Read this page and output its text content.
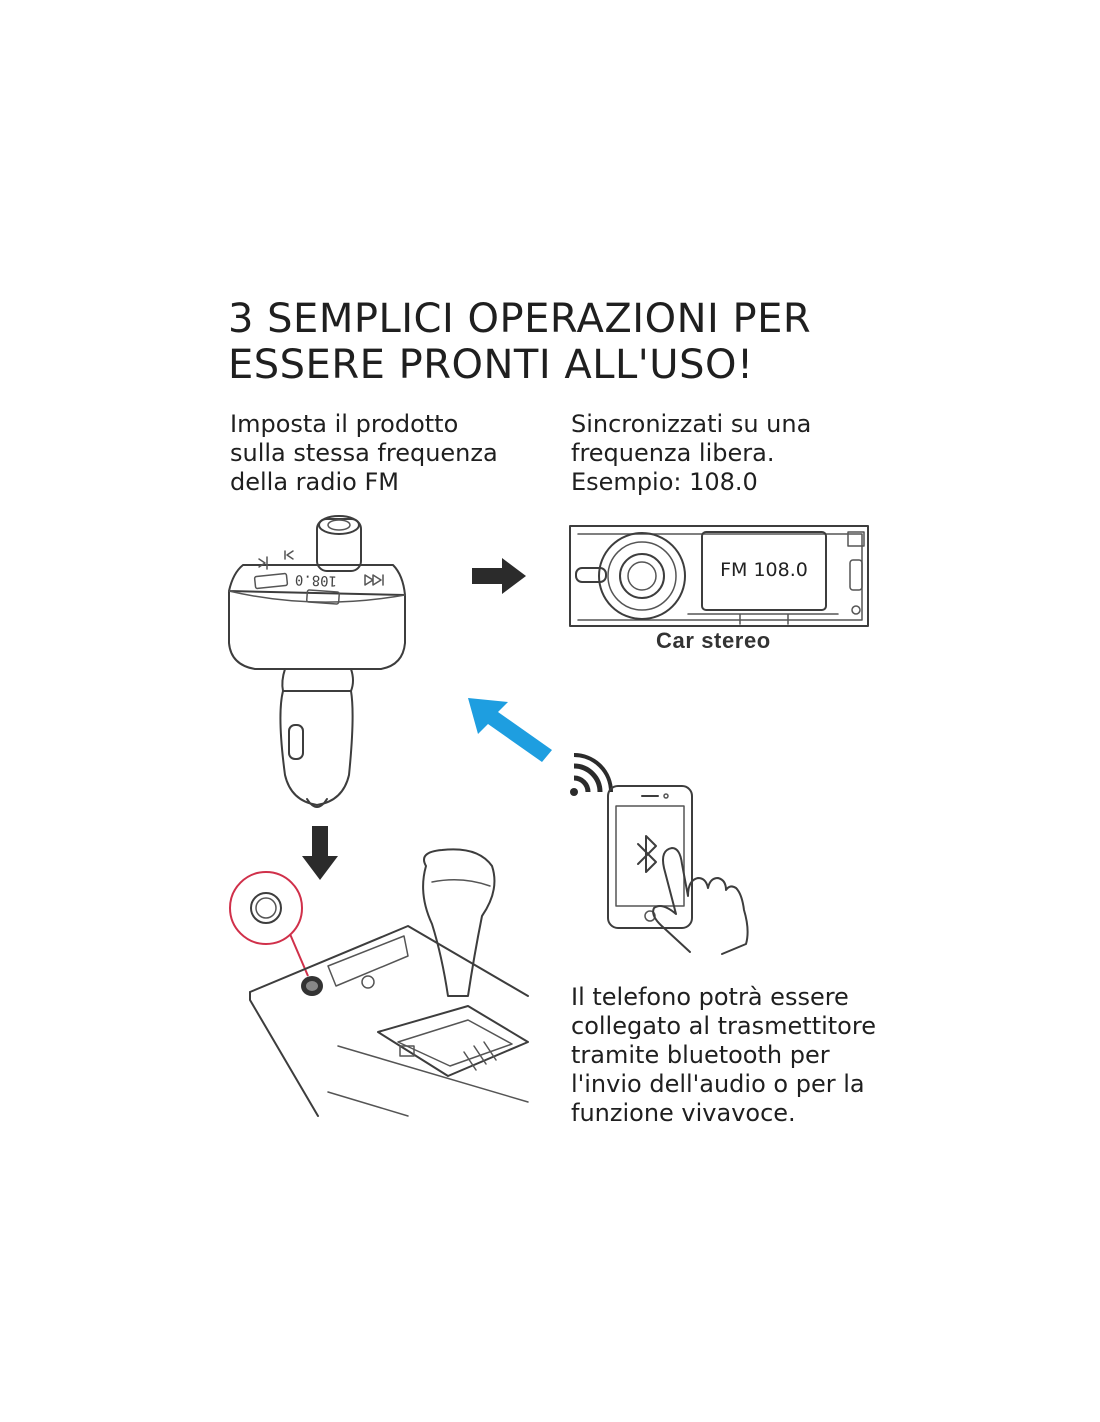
3 SEMPLICI OPERAZIONI PER
ESSERE PRONTI ALL'USO!
Imposta il prodotto
sulla stessa frequenza
della radio FM
Sincronizzati su una
frequenza libera.
Esempio: 108.0
108.0	FM 108.0
Car stereo
Il telefono potrà essere
collegato al trasmettitore
tramite bluetooth per
l'invio dell'audio o per la
funzione vivavoce.
